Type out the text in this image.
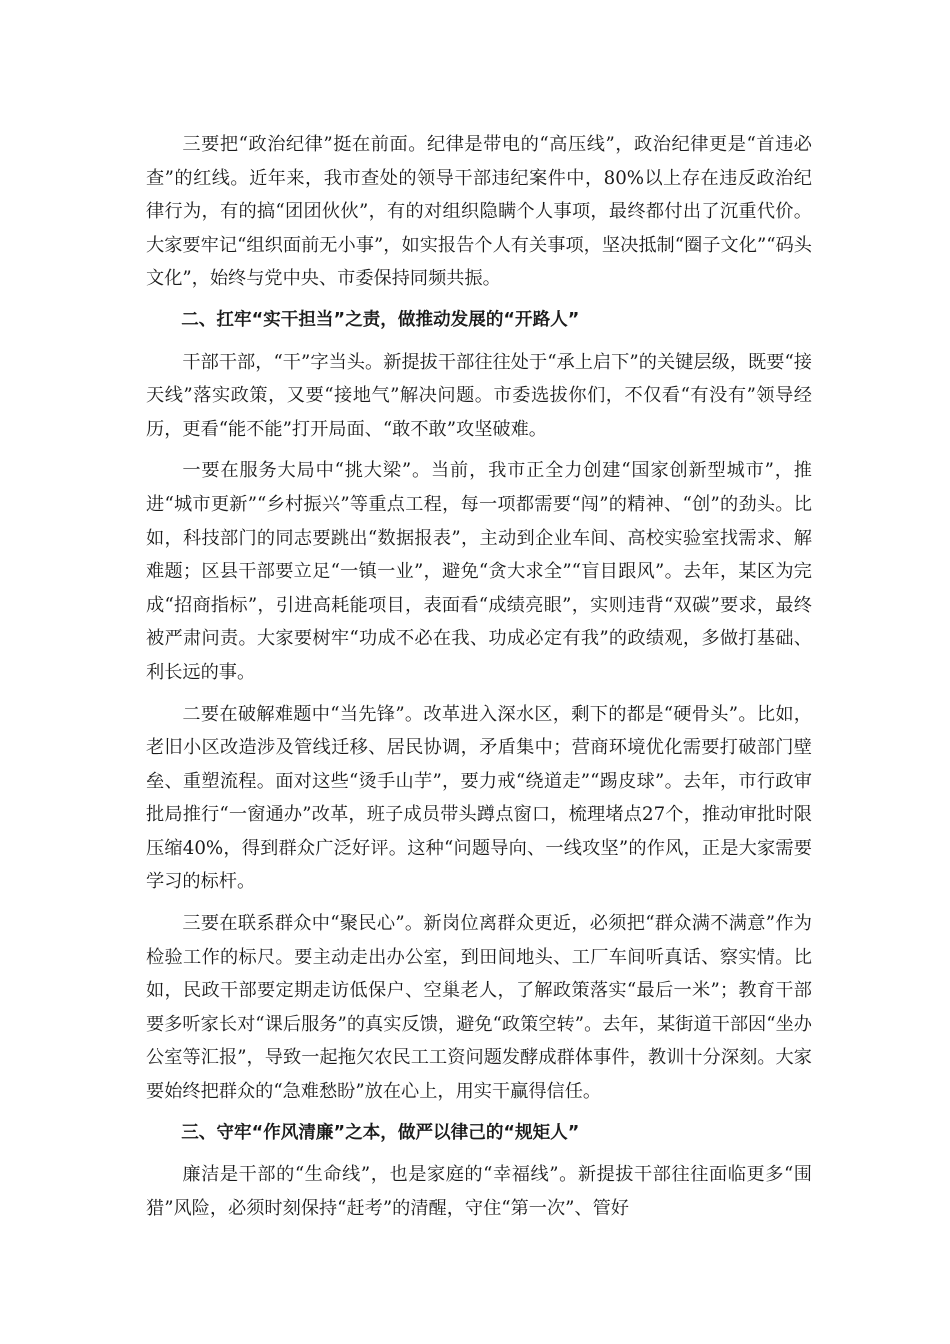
三要把“政治纪律”挺在前面。纪律是带电的“高压线”，政治纪律更是“首违必查”的红线。近年来，我市查处的领导干部违纪案件中，80%以上存在违反政治纪律行为，有的搞“团团伙伙”，有的对组织隐瞒个人事项，最终都付出了沉重代价。大家要牢记“组织面前无小事”，如实报告个人有关事项，坚决抵制“圈子文化”“码头文化”，始终与党中央、市委保持同频共振。

二、扛牢“实干担当”之责，做推动发展的“开路人”

干部干部，“干”字当头。新提拔干部往往处于“承上启下”的关键层级，既要“接天线”落实政策，又要“接地气”解决问题。市委选拔你们，不仅看“有没有”领导经历，更看“能不能”打开局面、“敢不敢”攻坚破难。

一要在服务大局中“挑大梁”。当前，我市正全力创建“国家创新型城市”，推进“城市更新”“乡村振兴”等重点工程，每一项都需要“闯”的精神、“创”的劲头。比如，科技部门的同志要跳出“数据报表”，主动到企业车间、高校实验室找需求、解难题；区县干部要立足“一镇一业”，避免“贪大求全”“盲目跟风”。去年，某区为完成“招商指标”，引进高耗能项目，表面看“成绩亮眼”，实则违背“双碳”要求，最终被严肃问责。大家要树牢“功成不必在我、功成必定有我”的政绩观，多做打基础、利长远的事。

二要在破解难题中“当先锋”。改革进入深水区，剩下的都是“硬骨头”。比如，老旧小区改造涉及管线迁移、居民协调，矛盾集中；营商环境优化需要打破部门壁垒、重塑流程。面对这些“烫手山芋”，要力戒“绕道走”“踢皮球”。去年，市行政审批局推行“一窗通办”改革，班子成员带头蹲点窗口，梳理堵点27个，推动审批时限压缩40%，得到群众广泛好评。这种“问题导向、一线攻坚”的作风，正是大家需要学习的标杆。

三要在联系群众中“聚民心”。新岗位离群众更近，必须把“群众满不满意”作为检验工作的标尺。要主动走出办公室，到田间地头、工厂车间听真话、察实情。比如，民政干部要定期走访低保户、空巢老人，了解政策落实“最后一米”；教育干部要多听家长对“课后服务”的真实反馈，避免“政策空转”。去年，某街道干部因“坐办公室等汇报”，导致一起拖欠农民工工资问题发酵成群体事件，教训十分深刻。大家要始终把群众的“急难愁盼”放在心上，用实干赢得信任。

三、守牢“作风清廉”之本，做严以律己的“规矩人”

廉洁是干部的“生命线”，也是家庭的“幸福线”。新提拔干部往往面临更多“围猎”风险，必须时刻保持“赶考”的清醒，守住“第一次”、管好
